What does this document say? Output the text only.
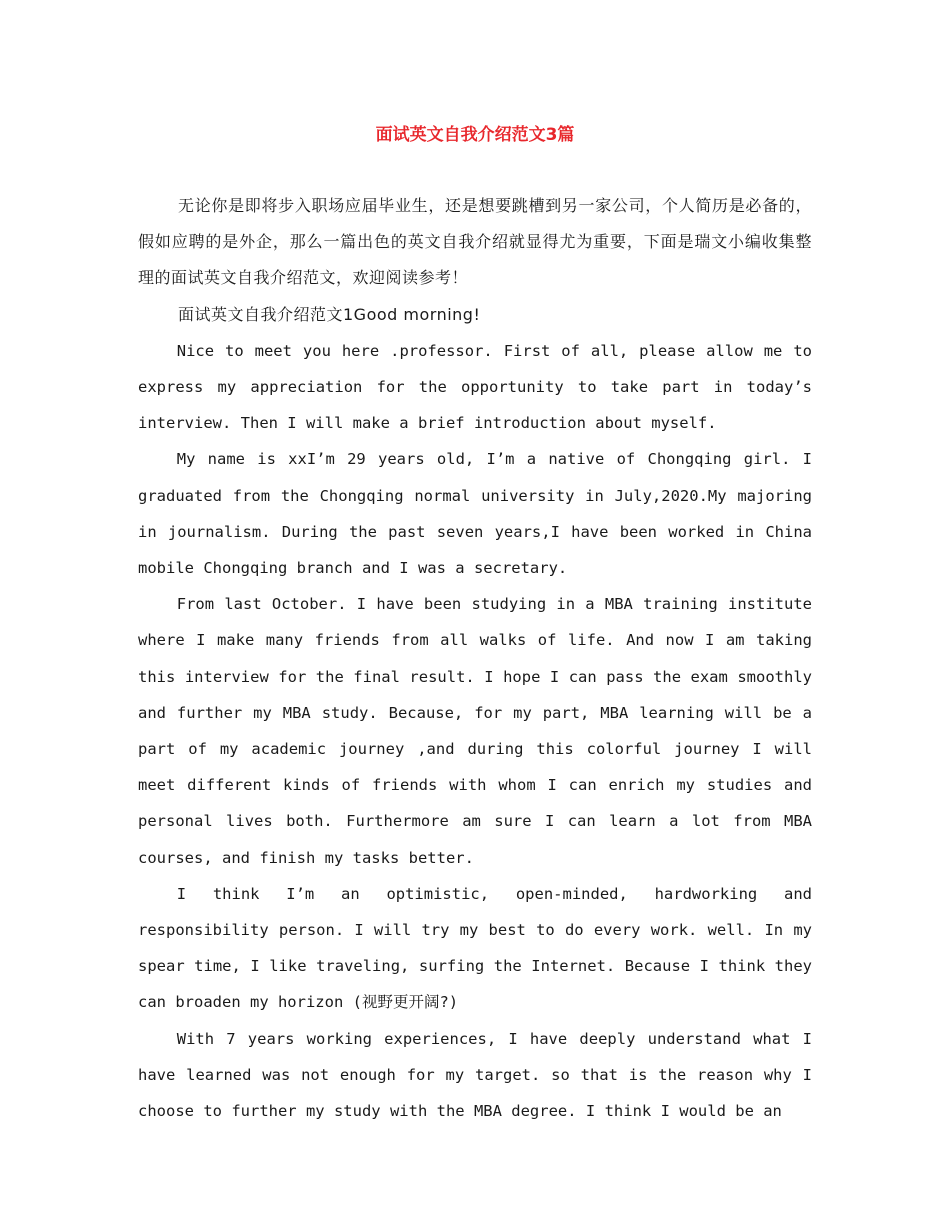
面试英文自我介绍范文3篇

无论你是即将步入职场应届毕业生，还是想要跳槽到另一家公司，个人简历是必备的，假如应聘的是外企，那么一篇出色的英文自我介绍就显得尤为重要，下面是瑞文小编收集整理的面试英文自我介绍范文，欢迎阅读参考！

面试英文自我介绍范文1Good morning!

Nice to meet you here .professor. First of all, please allow me to express my appreciation for the opportunity to take part in today’s interview. Then I will make a brief introduction about myself.

My name is xxI’m 29 years old, I’m a native of Chongqing girl. I graduated from the Chongqing normal university in July,2020.My majoring in journalism. During the past seven years,I have been worked in China mobile Chongqing branch and I was a secretary.

From last October. I have been studying in a MBA training institute where I make many friends from all walks of life. And now I am taking this interview for the final result. I hope I can pass the exam smoothly and further my MBA study. Because, for my part, MBA learning will be a part of my academic journey ,and during this colorful journey I will meet different kinds of friends with whom I can enrich my studies and personal lives both. Furthermore am sure I can learn a lot from MBA courses, and finish my tasks better.

I think I’m an optimistic, open-minded, hardworking and responsibility person. I will try my best to do every work. well. In my spear time, I like traveling, surfing the Internet. Because I think they can broaden my horizon (视野更开阔?)

With 7 years working experiences, I have deeply understand what I have learned was not enough for my target. so that is the reason why I choose to further my study with the MBA degree. I think I would be an
